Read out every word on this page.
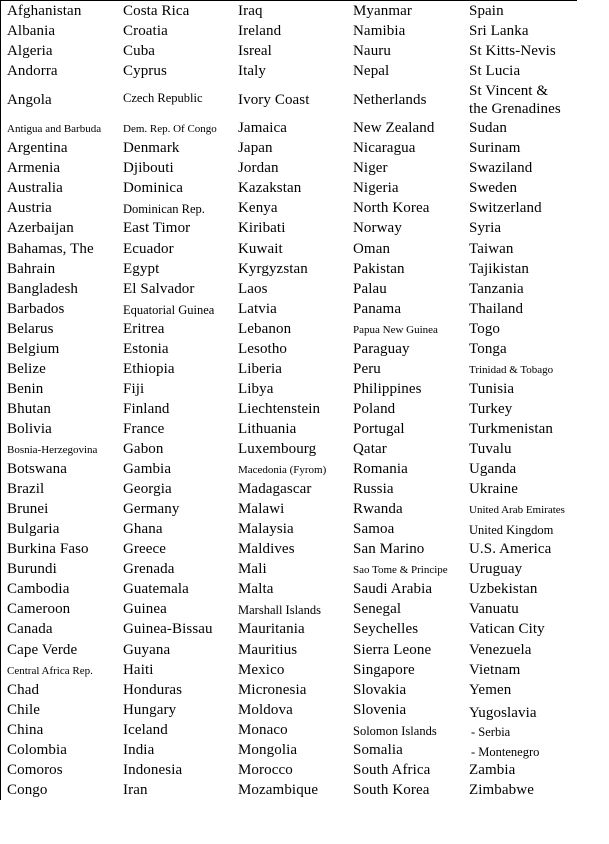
Afghanistan
Albania
Algeria
Andorra
Angola
Antigua and Barbuda
Argentina
Armenia
Australia
Austria
Azerbaijan
Bahamas, The
Bahrain
Bangladesh
Barbados
Belarus
Belgium
Belize
Benin
Bhutan
Bolivia
Bosnia-Herzegovina
Botswana
Brazil
Brunei
Bulgaria
Burkina Faso
Burundi
Cambodia
Cameroon
Canada
Cape Verde
Central Africa Rep.
Chad
Chile
China
Colombia
Comoros
Congo
Costa Rica
Croatia
Cuba
Cyprus
Czech Republic
Dem. Rep. Of Congo
Denmark
Djibouti
Dominica
Dominican Rep.
East Timor
Ecuador
Egypt
El Salvador
Equatorial Guinea
Eritrea
Estonia
Ethiopia
Fiji
Finland
France
Gabon
Gambia
Georgia
Germany
Ghana
Greece
Grenada
Guatemala
Guinea
Guinea-Bissau
Guyana
Haiti
Honduras
Hungary
Iceland
India
Indonesia
Iran
Iraq
Ireland
Isreal
Italy
Ivory Coast
Jamaica
Japan
Jordan
Kazakstan
Kenya
Kiribati
Kuwait
Kyrgyzstan
Laos
Latvia
Lebanon
Lesotho
Liberia
Libya
Liechtenstein
Lithuania
Luxembourg
Macedonia (Fyrom)
Madagascar
Malawi
Malaysia
Maldives
Mali
Malta
Marshall Islands
Mauritania
Mauritius
Mexico
Micronesia
Moldova
Monaco
Mongolia
Morocco
Mozambique
Myanmar
Namibia
Nauru
Nepal
Netherlands
New Zealand
Nicaragua
Niger
Nigeria
North Korea
Norway
Oman
Pakistan
Palau
Panama
Papua New Guinea
Paraguay
Peru
Philippines
Poland
Portugal
Qatar
Romania
Russia
Rwanda
Samoa
San Marino
Sao Tome & Principe
Saudi Arabia
Senegal
Seychelles
Sierra Leone
Singapore
Slovakia
Slovenia
Solomon Islands
Somalia
South Africa
South Korea
Spain
Sri Lanka
St Kitts-Nevis
St Lucia
St Vincent & the Grenadines
Sudan
Surinam
Swaziland
Sweden
Switzerland
Syria
Taiwan
Tajikistan
Tanzania
Thailand
Togo
Tonga
Trinidad & Tobago
Tunisia
Turkey
Turkmenistan
Tuvalu
Uganda
Ukraine
United Arab Emirates
United Kingdom
U.S. America
Uruguay
Uzbekistan
Vanuatu
Vatican City
Venezuela
Vietnam
Yemen
Yugoslavia
- Serbia
- Montenegro
Zambia
Zimbabwe
